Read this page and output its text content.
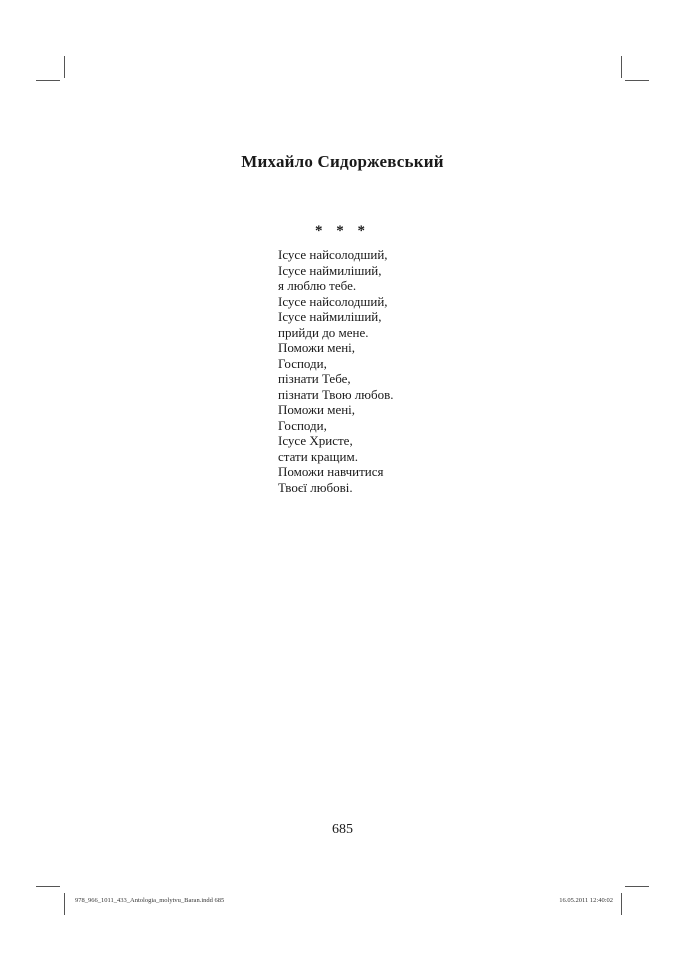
Михайло Сидоржевський
* * *
Ісусе найсолодший,
Ісусе наймиліший,
я люблю тебе.
Ісусе найсолодший,
Ісусе наймиліший,
прийди до мене.
Поможи мені,
Господи,
пізнати Тебе,
пізнати Твою любов.
Поможи мені,
Господи,
Ісусе Христе,
стати кращим.
Поможи навчитися
Твоєї любові.
685
978_966_1011_433_Antologia_molytvu_Baran.indd 685	16.05.2011 12:40:02
